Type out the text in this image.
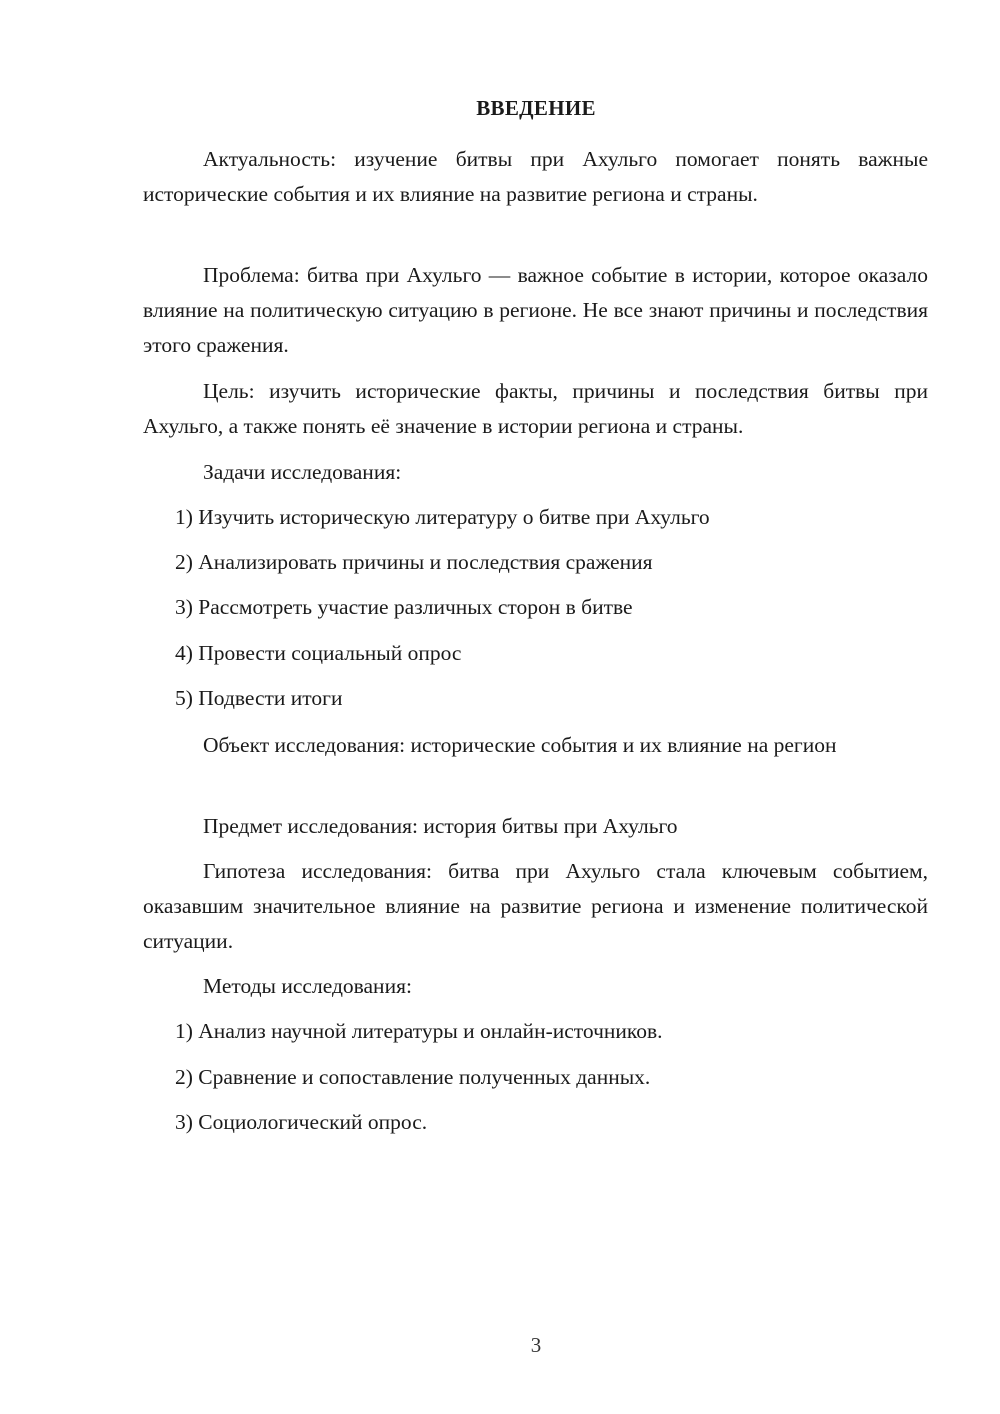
ВВЕДЕНИЕ

Актуальность: изучение битвы при Ахульго помогает понять важные исторические события и их влияние на развитие региона и страны.

Проблема: битва при Ахульго — важное событие в истории, которое оказало влияние на политическую ситуацию в регионе. Не все знают причины и последствия этого сражения.

Цель: изучить исторические факты, причины и последствия битвы при Ахульго, а также понять её значение в истории региона и страны.

Задачи исследования:

1) Изучить историческую литературу о битве при Ахульго

2) Анализировать причины и последствия сражения

3) Рассмотреть участие различных сторон в битве

4) Провести социальный опрос

5) Подвести итоги

Объект исследования: исторические события и их влияние на регион

Предмет исследования: история битвы при Ахульго

Гипотеза исследования: битва при Ахульго стала ключевым событием, оказавшим значительное влияние на развитие региона и изменение политической ситуации.

Методы исследования:

1) Анализ научной литературы и онлайн-источников.

2) Сравнение и сопоставление полученных данных.

3) Социологический опрос.

3
